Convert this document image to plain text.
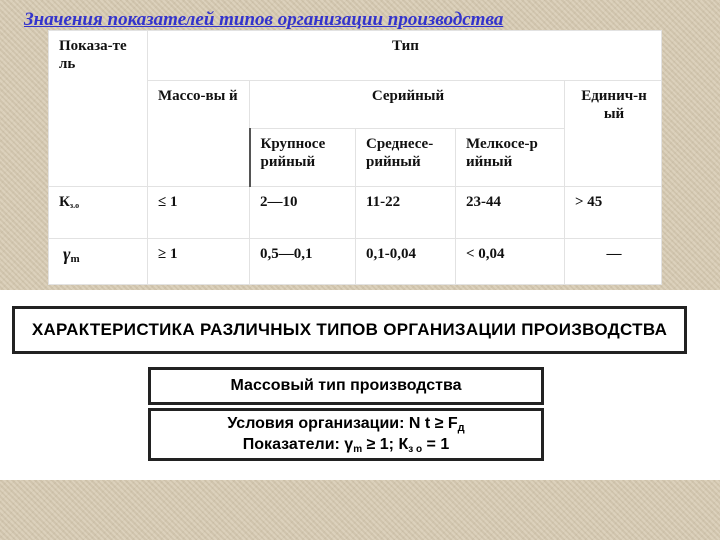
Значения показателей типов организации производства
Показа-те ль	Тип				
	Массо-вы й	Серийный			Единич-н ый
		Крупносе рийный	Среднесе- рийный	Мелкосе-р ийный	
Кз.о	≤ 1	2—10	11-22	23-44	> 45
γm	≥ 1	0,5—0,1	0,1-0,04	< 0,04	—
ХАРАКТЕРИСТИКА РАЗЛИЧНЫХ ТИПОВ ОРГАНИЗАЦИИ ПРОИЗВОДСТВА
Массовый тип производства
Условия организации: N t ≥ Fд
Показатели: γm ≥ 1; Кз о = 1
